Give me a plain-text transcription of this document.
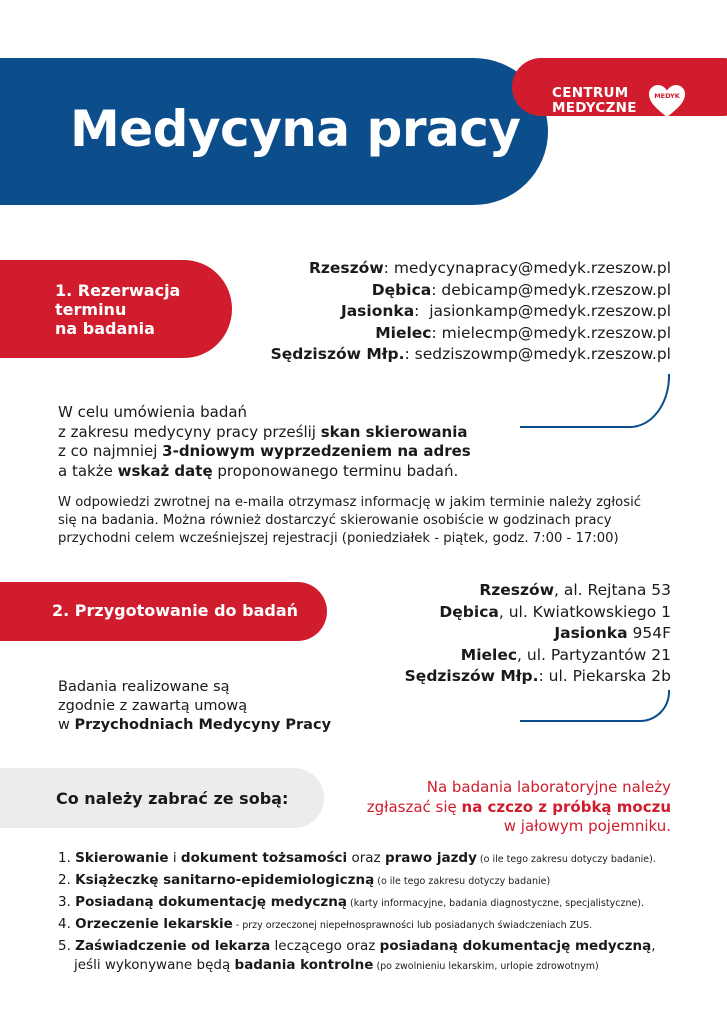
Medycyna pracy
CENTRUM
MEDYCZNE
MEDYK
1. Rezerwacja
terminu
na badania
Rzeszów: medycynapracy@medyk.rzeszow.pl
Dębica: debicamp@medyk.rzeszow.pl
Jasionka: jasionkamp@medyk.rzeszow.pl
Mielec: mielecmp@medyk.rzeszow.pl
Sędziszów Młp.: sedziszowmp@medyk.rzeszow.pl
W celu umówienia badań
z zakresu medycyny pracy prześlij skan skierowania
z co najmniej 3-dniowym wyprzedzeniem na adres
a także wskaż datę proponowanego terminu badań.
W odpowiedzi zwrotnej na e-maila otrzymasz informację w jakim terminie należy zgłosić
się na badania. Można również dostarczyć skierowanie osobiście w godzinach pracy
przychodni celem wcześniejszej rejestracji (poniedziałek - piątek, godz. 7:00 - 17:00)
2. Przygotowanie do badań
Rzeszów, al. Rejtana 53
Dębica, ul. Kwiatkowskiego 1
Jasionka 954F
Mielec, ul. Partyzantów 21
Sędziszów Młp.: ul. Piekarska 2b
Badania realizowane są
zgodnie z zawartą umową
w Przychodniach Medycyny Pracy
Co należy zabrać ze sobą:
Na badania laboratoryjne należy
zgłaszać się na czczo z próbką moczu
w jałowym pojemniku.
1. Skierowanie i dokument tożsamości oraz prawo jazdy (o ile tego zakresu dotyczy badanie).
2. Książeczkę sanitarno-epidemiologiczną (o ile tego zakresu dotyczy badanie)
3. Posiadaną dokumentację medyczną (karty informacyjne, badania diagnostyczne, specjalistyczne).
4. Orzeczenie lekarskie - przy orzeczonej niepełnosprawności lub posiadanych świadczeniach ZUS.
5. Zaświadczenie od lekarza leczącego oraz posiadaną dokumentację medyczną,
jeśli wykonywane będą badania kontrolne (po zwolnieniu lekarskim, urlopie zdrowotnym)
